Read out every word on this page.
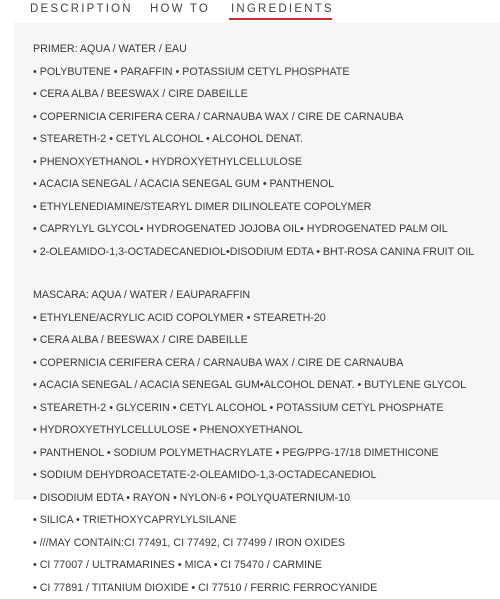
DESCRIPTION HOW TO INGREDIENTS
PRIMER: AQUA / WATER / EAU
• POLYBUTENE • PARAFFIN • POTASSIUM CETYL PHOSPHATE
• CERA ALBA / BEESWAX / CIRE DABEILLE
• COPERNICIA CERIFERA CERA / CARNAUBA WAX / CIRE DE CARNAUBA
• STEARETH-2 • CETYL ALCOHOL • ALCOHOL DENAT.
• PHENOXYETHANOL • HYDROXYETHYLCELLULOSE
• ACACIA SENEGAL / ACACIA SENEGAL GUM • PANTHENOL
• ETHYLENEDIAMINE/STEARYL DIMER DILINOLEATE COPOLYMER
• CAPRYLYL GLYCOL• HYDROGENATED JOJOBA OIL• HYDROGENATED PALM OIL
• 2-OLEAMIDO-1,3-OCTADECANEDIOL•DISODIUM EDTA • BHT-ROSA CANINA FRUIT OIL
MASCARA: AQUA / WATER / EAUPARAFFIN
• ETHYLENE/ACRYLIC ACID COPOLYMER • STEARETH-20
• CERA ALBA / BEESWAX / CIRE DABEILLE
• COPERNICIA CERIFERA CERA / CARNAUBA WAX / CIRE DE CARNAUBA
• ACACIA SENEGAL / ACACIA SENEGAL GUM•ALCOHOL DENAT. • BUTYLENE GLYCOL
• STEARETH-2 • GLYCERIN • CETYL ALCOHOL • POTASSIUM CETYL PHOSPHATE
• HYDROXYETHYLCELLULOSE • PHENOXYETHANOL
• PANTHENOL • SODIUM POLYMETHACRYLATE • PEG/PPG-17/18 DIMETHICONE
• SODIUM DEHYDROACETATE-2-OLEAMIDO-1,3-OCTADECANEDIOL
• DISODIUM EDTA • RAYON • NYLON-6 • POLYQUATERNIUM-10
• SILICA • TRIETHOXYCAPRYLYLSILANE
• ///MAY CONTAIN:CI 77491, CI 77492, CI 77499 / IRON OXIDES
• CI 77007 / ULTRAMARINES • MICA • CI 75470 / CARMINE
• CI 77891 / TITANIUM DIOXIDE • CI 77510 / FERRIC FERROCYANIDE
